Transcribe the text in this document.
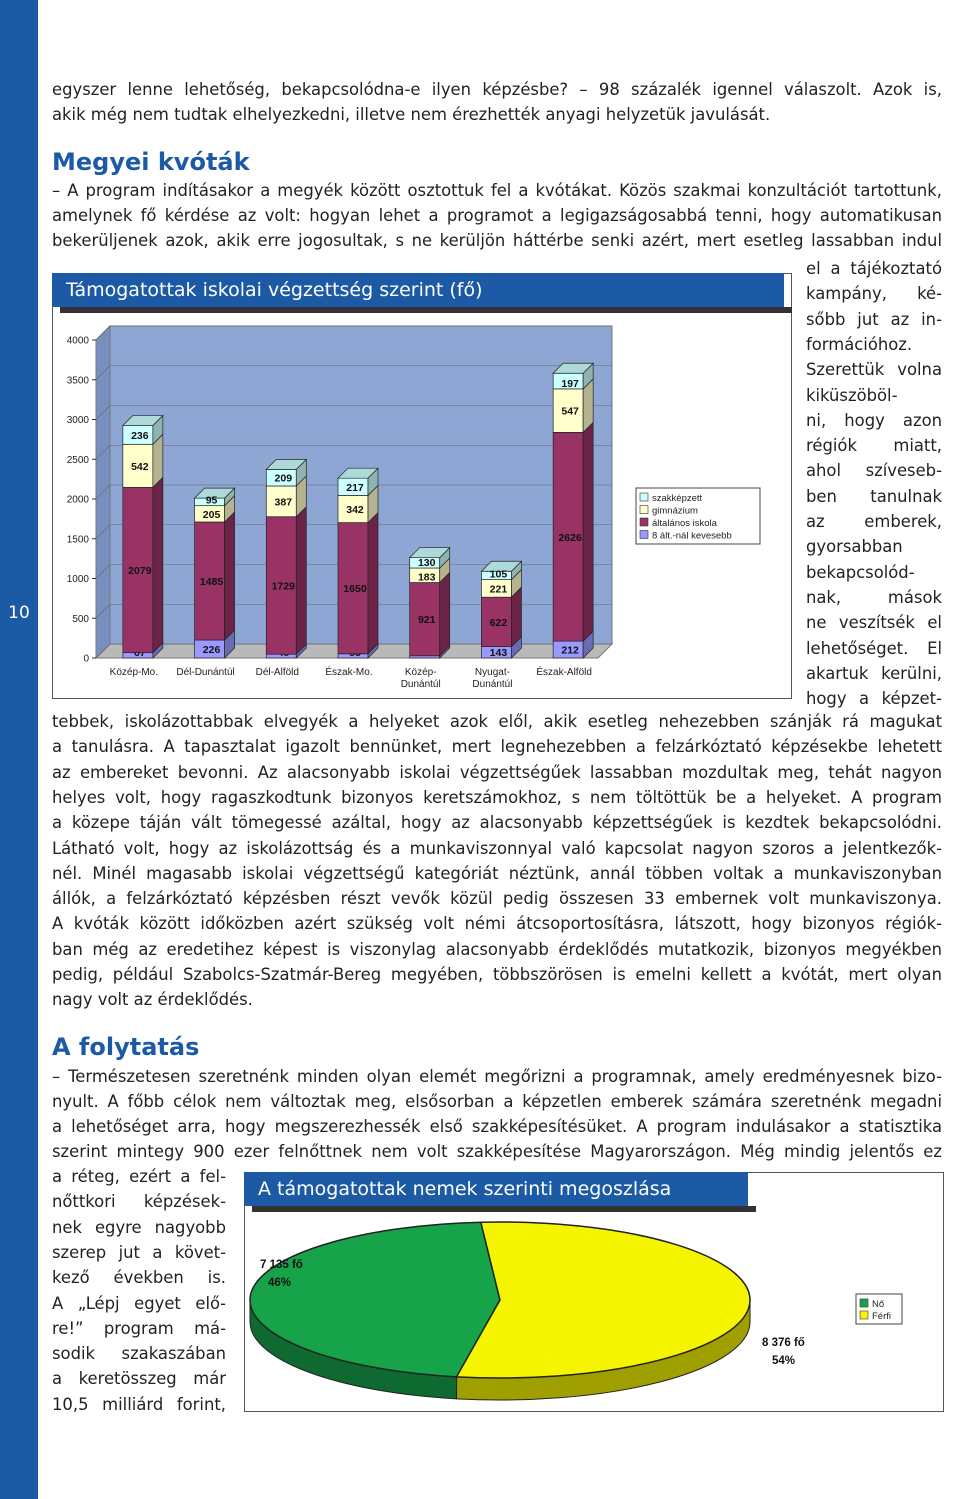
10
egyszer lenne lehetőség, bekapcsolódna-e ilyen képzésbe? – 98 százalék igennel válaszolt. Azok is,
akik még nem tudtak elhelyezkedni, illetve nem érezhették anyagi helyzetük javulását.
Megyei kvóták
– A program indításakor a megyék között osztottuk fel a kvótákat. Közös szakmai konzultációt tartottunk,
amelynek fő kérdése az volt: hogyan lehet a programot a legigazságosabbá tenni, hogy automatikusan
bekerüljenek azok, akik erre jogosultak, s ne kerüljön háttérbe senki azért, mert esetleg lassabban indul
el a tájékoztató
kampány, ké-
sőbb jut az in-
formációhoz.
Szerettük volna
kiküszöböl-
ni, hogy azon
régiók miatt,
ahol szíveseb-
ben tanulnak
az emberek,
gyorsabban
bekapcsolód-
nak, mások
ne veszítsék el
lehetőséget. El
akartuk kerülni,
hogy a képzet-
Támogatottak iskolai végzettség szerint (fő)
0
500
1000
1500
2000
2500
3000
3500
4000
2079
542
236
Közép-Mo.
226
1485
205
95
Dél-Dunántúl
1729
387
209
Dél-Alföld
1650
342
217
Észak-Mo.
921
183
130
Közép-Dunántúl
143
622
221
105
Nyugat-Dunántúl
212
2626
547
197
Észak-Alföld
szakképzett
gimnázium
általános iskola
8 ált.-nál kevesebb
tebbek, iskolázottabbak elvegyék a helyeket azok elől, akik esetleg nehezebben szánják rá magukat
a tanulásra. A tapasztalat igazolt bennünket, mert legnehezebben a felzárkóztató képzésekbe lehetett
az embereket bevonni. Az alacsonyabb iskolai végzettségűek lassabban mozdultak meg, tehát nagyon
helyes volt, hogy ragaszkodtunk bizonyos keretszámokhoz, s nem töltöttük be a helyeket. A program
a közepe táján vált tömegessé azáltal, hogy az alacsonyabb képzettségűek is kezdtek bekapcsolódni.
Látható volt, hogy az iskolázottság és a munkaviszonnyal való kapcsolat nagyon szoros a jelentkezők-
nél. Minél magasabb iskolai végzettségű kategóriát néztünk, annál többen voltak a munkaviszonyban
állók, a felzárkóztató képzésben részt vevők közül pedig összesen 33 embernek volt munkaviszonya.
A kvóták között időközben azért szükség volt némi átcsoportosításra, látszott, hogy bizonyos régiók-
ban még az eredetihez képest is viszonylag alacsonyabb érdeklődés mutatkozik, bizonyos megyékben
pedig, például Szabolcs-Szatmár-Bereg megyében, többszörösen is emelni kellett a kvótát, mert olyan
nagy volt az érdeklődés.
A folytatás
– Természetesen szeretnénk minden olyan elemét megőrizni a programnak, amely eredményesnek bizo-
nyult. A főbb célok nem változtak meg, elsősorban a képzetlen emberek számára szeretnénk megadni
a lehetőséget arra, hogy megszerezhessék első szakképesítésüket. A program indulásakor a statisztika
szerint mintegy 900 ezer felnőttnek nem volt szakképesítése Magyarországon. Még mindig jelentős ez
a réteg, ezért a fel-
nőttkori képzések-
nek egyre nagyobb
szerep jut a követ-
kező években is.
A „Lépj egyet elő-
re!” program má-
sodik szakaszában
a keretösszeg már
10,5 milliárd forint,
A támogatottak nemek szerinti megoszlása
7 135 fő
46%
8 376 fő
54%
Nő
Férfi
